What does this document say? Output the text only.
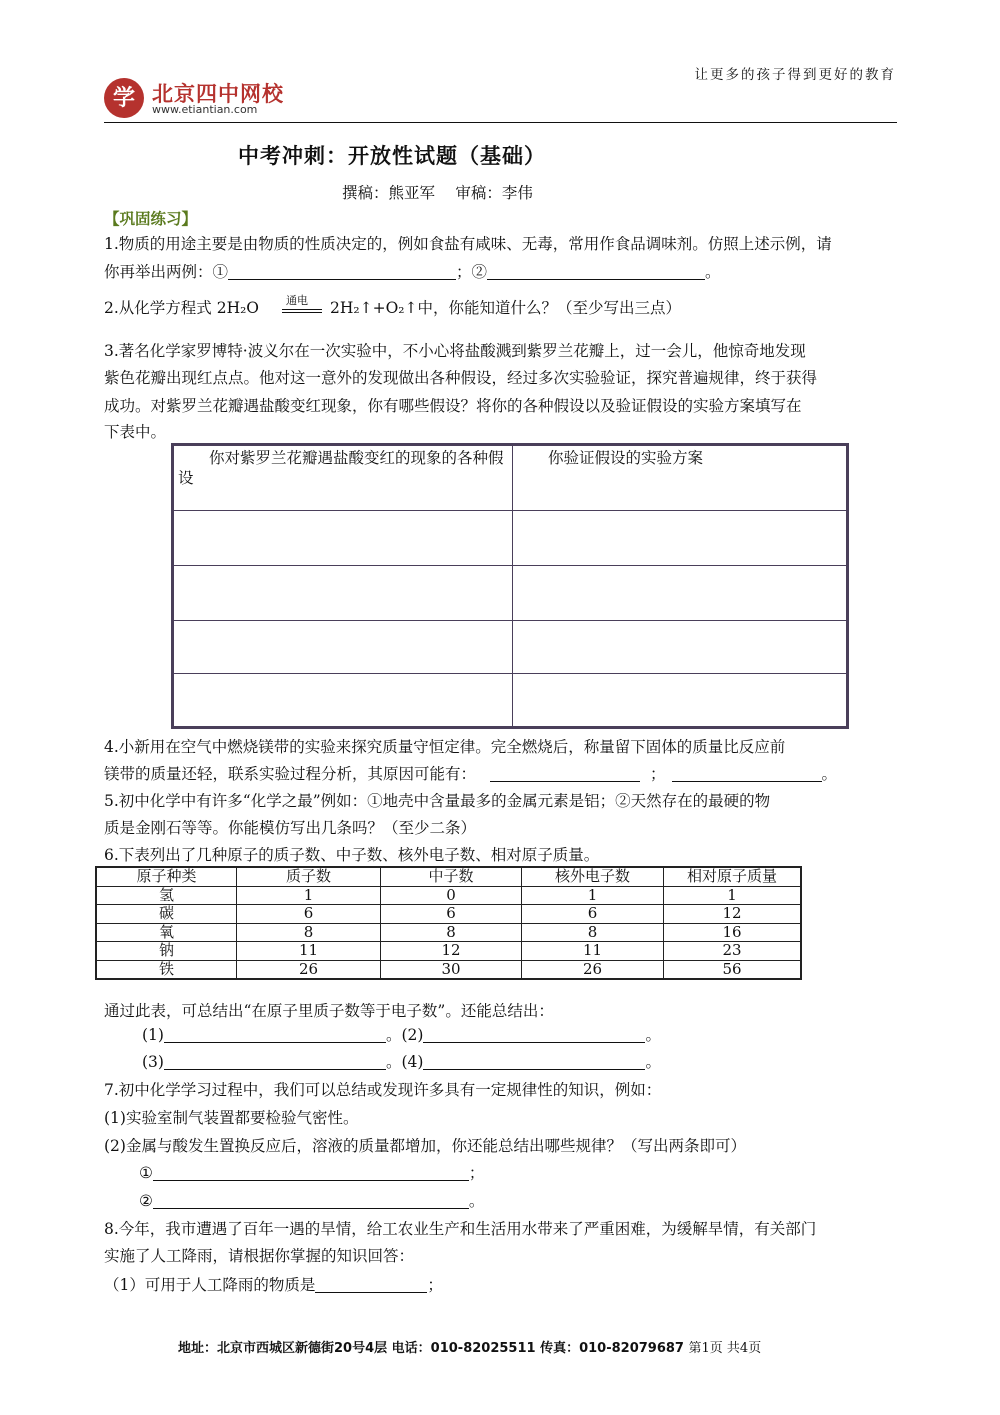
学 北京四中网校
www.etiantian.com
让更多的孩子得到更好的教育
中考冲刺：开放性试题（基础）
撰稿：熊亚军　 审稿：李伟
【巩固练习】
1.物质的用途主要是由物质的性质决定的，例如食盐有咸味、无毒，常用作食品调味剂。仿照上述示例，请
你再举出两例：①	；②	。
2.从化学方程式 2H₂O 通电 2H₂↑+O₂↑中，你能知道什么？（至少写出三点）
3.著名化学家罗博特·波义尔在一次实验中，不小心将盐酸溅到紫罗兰花瓣上，过一会儿，他惊奇地发现
紫色花瓣出现红点点。他对这一意外的发现做出各种假设，经过多次实验验证，探究普遍规律，终于获得
成功。对紫罗兰花瓣遇盐酸变红现象，你有哪些假设？将你的各种假设以及验证假设的实验方案填写在
下表中。
　　你对紫罗兰花瓣遇盐酸变红的现象的各种假设	　　你验证假设的实验方案

4.小新用在空气中燃烧镁带的实验来探究质量守恒定律。完全燃烧后，称量留下固体的质量比反应前
镁带的质量还轻，联系实验过程分析，其原因可能有：	；	。
5.初中化学中有许多“化学之最”例如：①地壳中含量最多的金属元素是铝；②天然存在的最硬的物
质是金刚石等等。你能模仿写出几条吗？（至少二条）
6.下表列出了几种原子的质子数、中子数、核外电子数、相对原子质量。
原子种类	质子数	中子数	核外电子数	相对原子质量
氢	1	0	1	1
碳	6	6	6	12
氧	8	8	8	16
钠	11	12	11	23
铁	26	30	26	56
通过此表，可总结出“在原子里质子数等于电子数”。还能总结出：
(1)	。(2)	。
(3)	。(4)	。
7.初中化学学习过程中，我们可以总结或发现许多具有一定规律性的知识，例如：
(1)实验室制气装置都要检验气密性。
(2)金属与酸发生置换反应后，溶液的质量都增加，你还能总结出哪些规律？（写出两条即可）
①	；
②	。
8.今年，我市遭遇了百年一遇的旱情，给工农业生产和生活用水带来了严重困难，为缓解旱情，有关部门
实施了人工降雨，请根据你掌握的知识回答：
（1）可用于人工降雨的物质是	；
地址：北京市西城区新德街20号4层 电话：010-82025511 传真：010-82079687 第1页 共4页
